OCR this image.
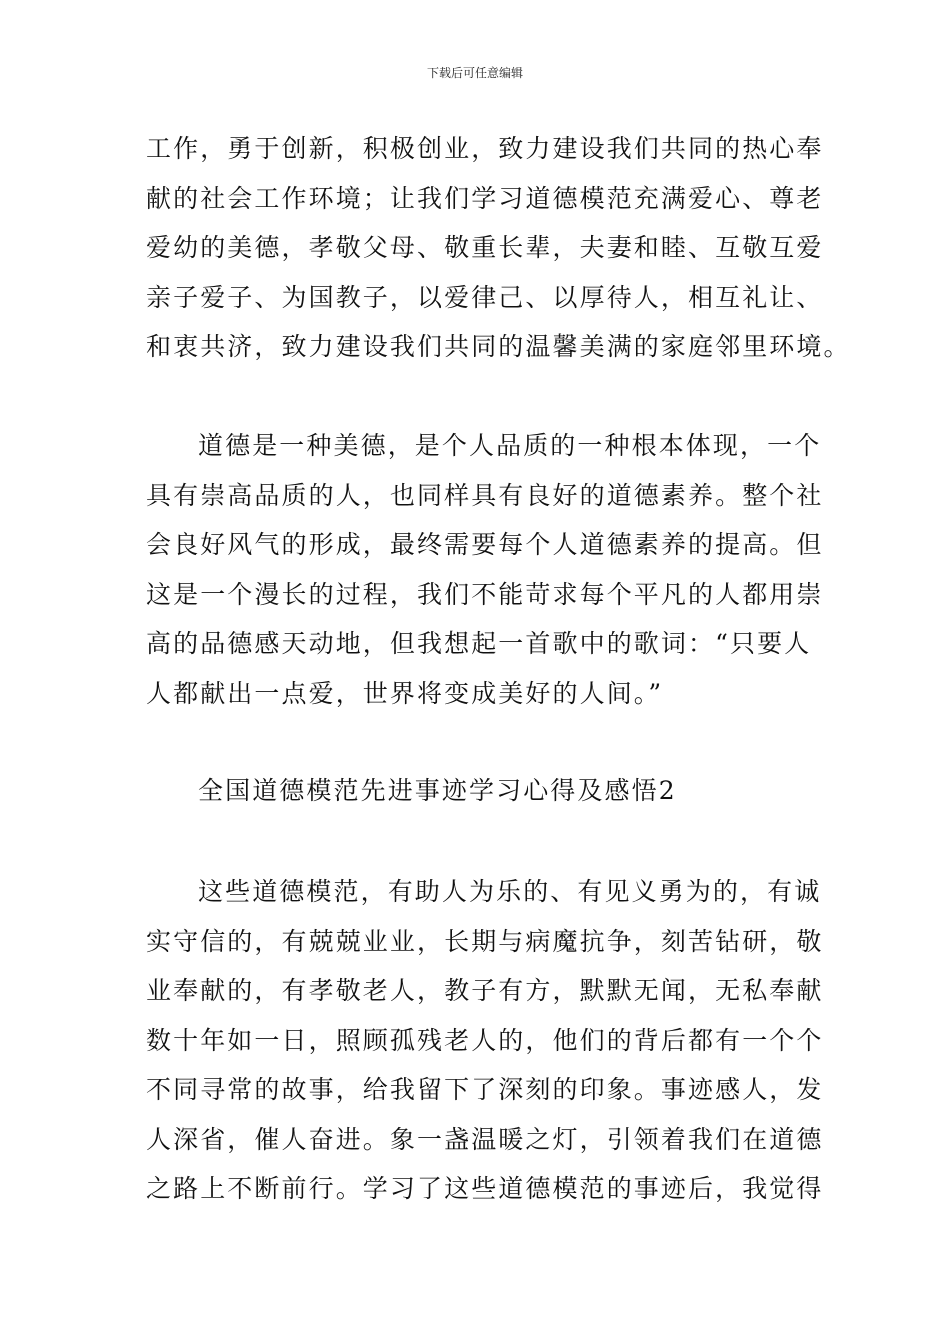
下载后可任意编辑
工作，勇于创新，积极创业，致力建设我们共同的热心奉
献的社会工作环境；让我们学习道德模范充满爱心、尊老
爱幼的美德，孝敬父母、敬重长辈，夫妻和睦、互敬互爱
亲子爱子、为国教子，以爱律己、以厚待人，相互礼让、
和衷共济，致力建设我们共同的温馨美满的家庭邻里环境。
道德是一种美德，是个人品质的一种根本体现，一个
具有崇高品质的人，也同样具有良好的道德素养。整个社
会良好风气的形成，最终需要每个人道德素养的提高。但
这是一个漫长的过程，我们不能苛求每个平凡的人都用崇
高的品德感天动地，但我想起一首歌中的歌词：“只要人
人都献出一点爱，世界将变成美好的人间。”
全国道德模范先进事迹学习心得及感悟2
这些道德模范，有助人为乐的、有见义勇为的，有诚
实守信的，有兢兢业业，长期与病魔抗争，刻苦钻研，敬
业奉献的，有孝敬老人，教子有方，默默无闻，无私奉献
数十年如一日，照顾孤残老人的，他们的背后都有一个个
不同寻常的故事，给我留下了深刻的印象。事迹感人，发
人深省，催人奋进。象一盏温暖之灯，引领着我们在道德
之路上不断前行。学习了这些道德模范的事迹后，我觉得
